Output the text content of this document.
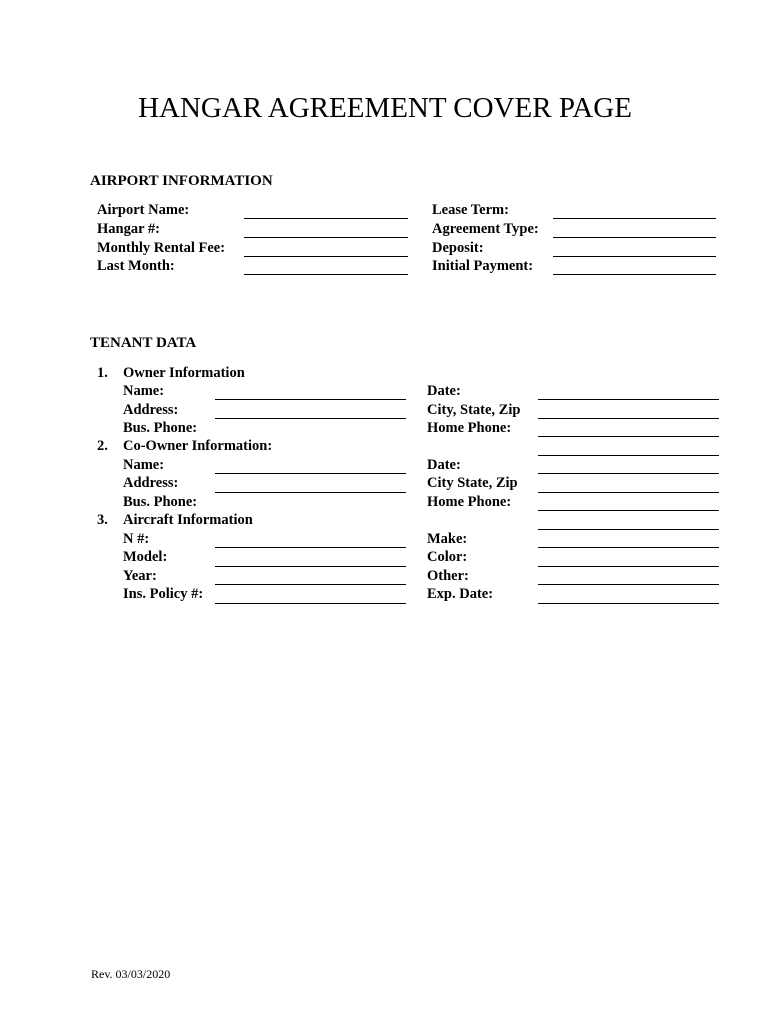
HANGAR AGREEMENT COVER PAGE
AIRPORT INFORMATION
Airport Name:
Hangar #:
Monthly Rental Fee:
Last Month:
Lease Term:
Agreement Type:
Deposit:
Initial Payment:
TENANT DATA
1. Owner Information
Name:
Address:
Bus. Phone:
Date:
City, State, Zip
Home Phone:
2. Co-Owner Information:
Name:
Address:
Bus. Phone:
Date:
City State, Zip
Home Phone:
3. Aircraft Information
N #:
Model:
Year:
Ins. Policy #:
Make:
Color:
Other:
Exp. Date:
Rev. 03/03/2020
